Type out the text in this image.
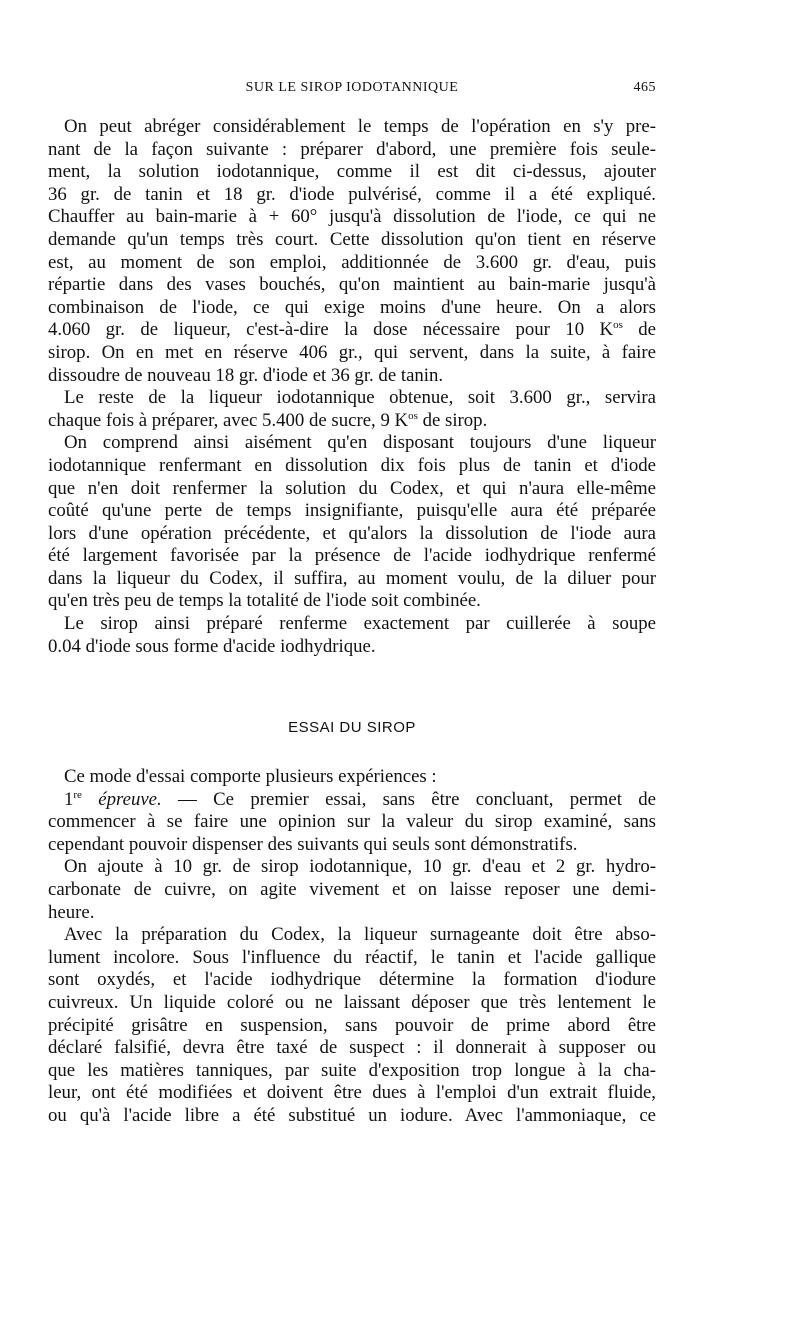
SUR LE SIROP IODOTANNIQUE	465
On peut abréger considérablement le temps de l'opération en s'y pre-
nant de la façon suivante : préparer d'abord, une première fois seule-
ment, la solution iodotannique, comme il est dit ci-dessus, ajouter
36 gr. de tanin et 18 gr. d'iode pulvérisé, comme il a été expliqué.
Chauffer au bain-marie à + 60° jusqu'à dissolution de l'iode, ce qui ne
demande qu'un temps très court. Cette dissolution qu'on tient en réserve
est, au moment de son emploi, additionnée de 3.600 gr. d'eau, puis
répartie dans des vases bouchés, qu'on maintient au bain-marie jusqu'à
combinaison de l'iode, ce qui exige moins d'une heure. On a alors
4.060 gr. de liqueur, c'est-à-dire la dose nécessaire pour 10 $K^{os}$ de
sirop. On en met en réserve 406 gr., qui servent, dans la suite, à faire
dissoudre de nouveau 18 gr. d'iode et 36 gr. de tanin.
Le reste de la liqueur iodotannique obtenue, soit 3.600 gr., servira
chaque fois à préparer, avec 5.400 de sucre, 9 $K^{os}$ de sirop.
On comprend ainsi aisément qu'en disposant toujours d'une liqueur
iodotannique renfermant en dissolution dix fois plus de tanin et d'iode
que n'en doit renfermer la solution du Codex, et qui n'aura elle-même
coûté qu'une perte de temps insignifiante, puisqu'elle aura été préparée
lors d'une opération précédente, et qu'alors la dissolution de l'iode aura
été largement favorisée par la présence de l'acide iodhydrique renfermé
dans la liqueur du Codex, il suffira, au moment voulu, de la diluer pour
qu'en très peu de temps la totalité de l'iode soit combinée.
Le sirop ainsi préparé renferme exactement par cuillerée à soupe
0.04 d'iode sous forme d'acide iodhydrique.
ESSAI DU SIROP
Ce mode d'essai comporte plusieurs expériences :
1re épreuve. — Ce premier essai, sans être concluant, permet de
commencer à se faire une opinion sur la valeur du sirop examiné, sans
cependant pouvoir dispenser des suivants qui seuls sont démonstratifs.
On ajoute à 10 gr. de sirop iodotannique, 10 gr. d'eau et 2 gr. hydro-
carbonate de cuivre, on agite vivement et on laisse reposer une demi-
heure.
Avec la préparation du Codex, la liqueur surnageante doit être abso-
lument incolore. Sous l'influence du réactif, le tanin et l'acide gallique
sont oxydés, et l'acide iodhydrique détermine la formation d'iodure
cuivreux. Un liquide coloré ou ne laissant déposer que très lentement le
précipité grisâtre en suspension, sans pouvoir de prime abord être
déclaré falsifié, devra être taxé de suspect : il donnerait à supposer ou
que les matières tanniques, par suite d'exposition trop longue à la cha-
leur, ont été modifiées et doivent être dues à l'emploi d'un extrait fluide,
ou qu'à l'acide libre a été substitué un iodure. Avec l'ammoniaque, ce
